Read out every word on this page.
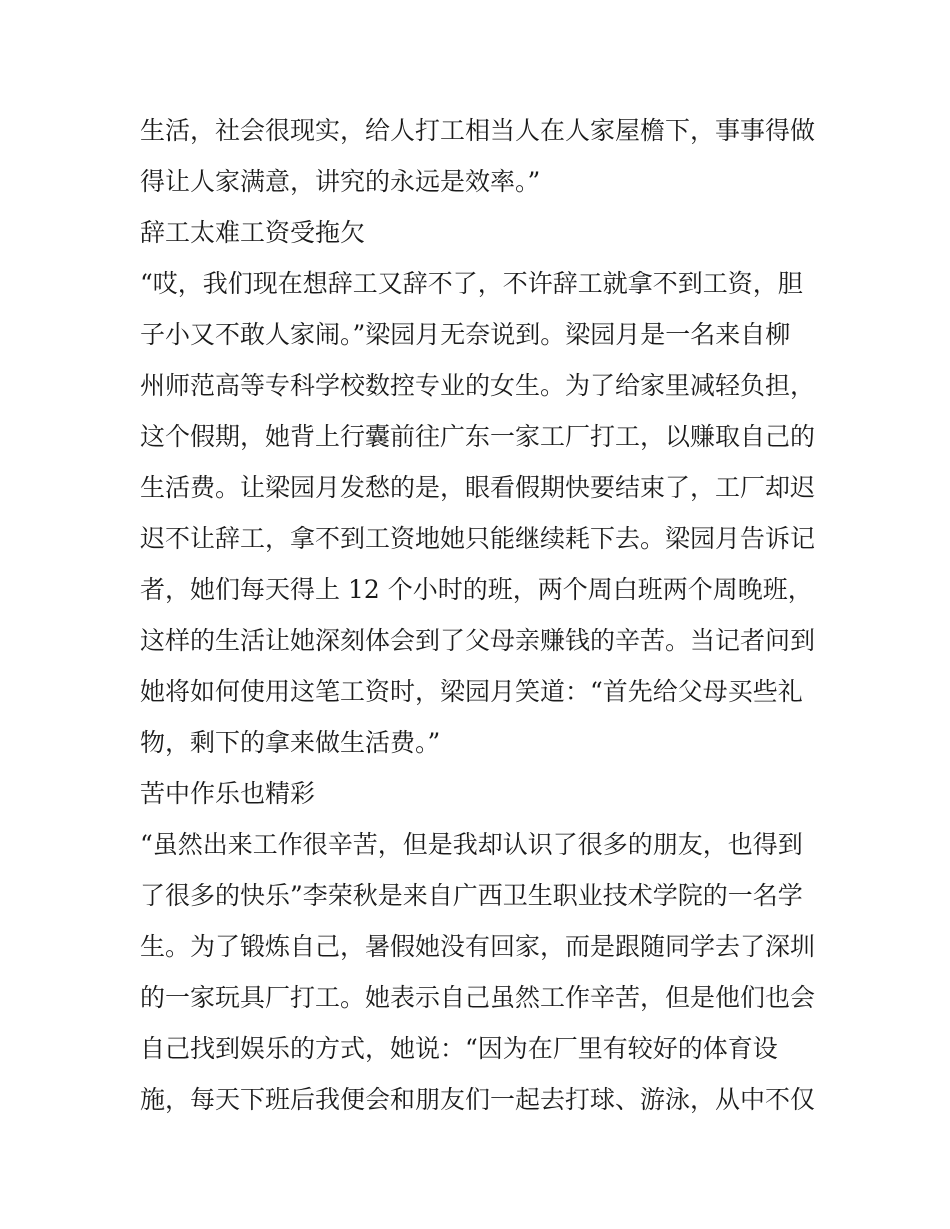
生活，社会很现实，给人打工相当人在人家屋檐下，事事得做
得让人家满意，讲究的永远是效率。”
辞工太难工资受拖欠
“哎，我们现在想辞工又辞不了，不许辞工就拿不到工资，胆
子小又不敢人家闹。”梁园月无奈说到。梁园月是一名来自柳
州师范高等专科学校数控专业的女生。为了给家里减轻负担，
这个假期，她背上行囊前往广东一家工厂打工，以赚取自己的
生活费。让梁园月发愁的是，眼看假期快要结束了，工厂却迟
迟不让辞工，拿不到工资地她只能继续耗下去。梁园月告诉记
者，她们每天得上 12 个小时的班，两个周白班两个周晚班，
这样的生活让她深刻体会到了父母亲赚钱的辛苦。当记者问到
她将如何使用这笔工资时，梁园月笑道：“首先给父母买些礼
物，剩下的拿来做生活费。”
苦中作乐也精彩
“虽然出来工作很辛苦，但是我却认识了很多的朋友，也得到
了很多的快乐”李荣秋是来自广西卫生职业技术学院的一名学
生。为了锻炼自己，暑假她没有回家，而是跟随同学去了深圳
的一家玩具厂打工。她表示自己虽然工作辛苦，但是他们也会
自己找到娱乐的方式，她说：“因为在厂里有较好的体育设
施，每天下班后我便会和朋友们一起去打球、游泳，从中不仅
